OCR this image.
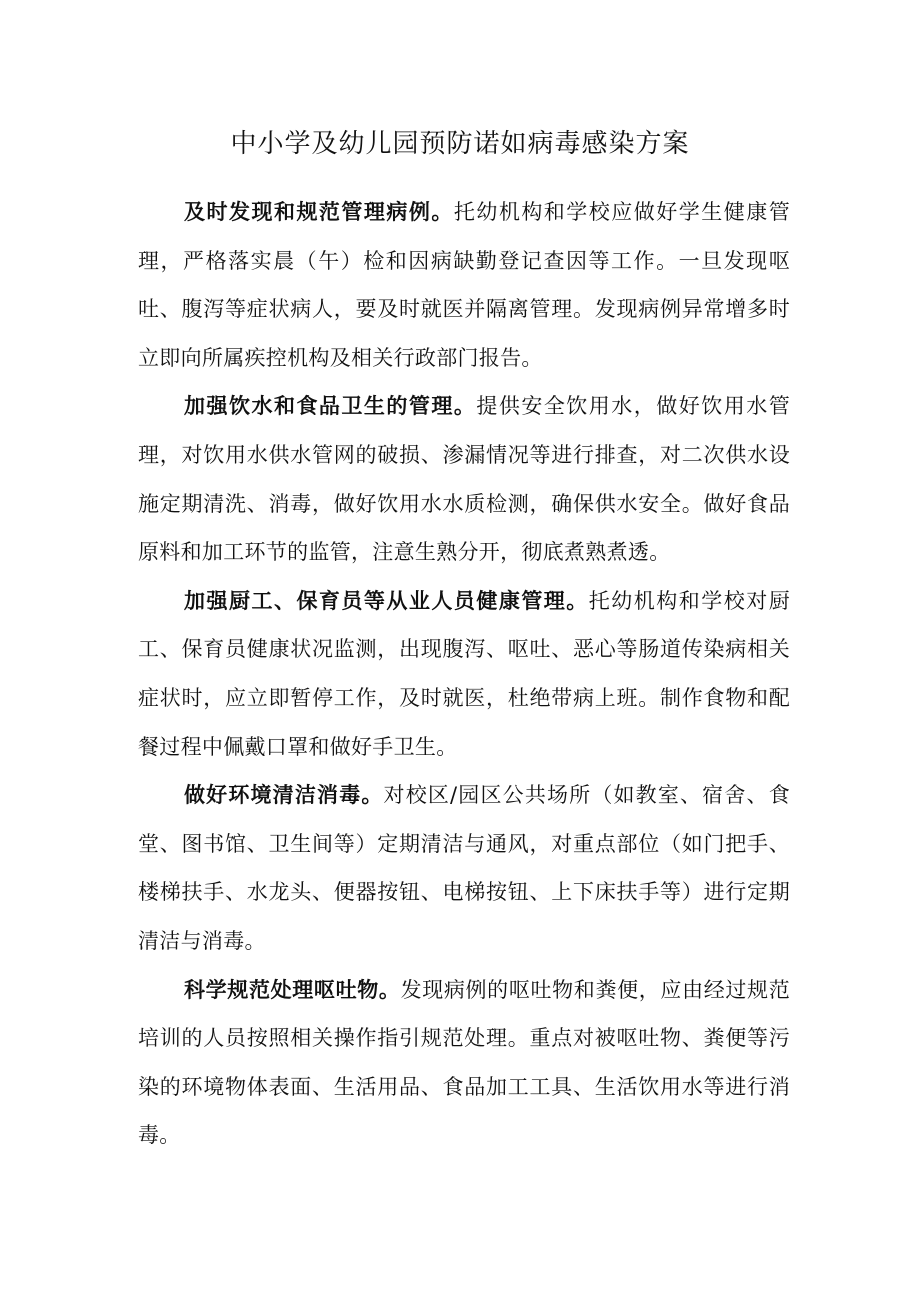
中小学及幼儿园预防诺如病毒感染方案

及时发现和规范管理病例。托幼机构和学校应做好学生健康管理，严格落实晨（午）检和因病缺勤登记查因等工作。一旦发现呕吐、腹泻等症状病人，要及时就医并隔离管理。发现病例异常增多时立即向所属疾控机构及相关行政部门报告。

加强饮水和食品卫生的管理。提供安全饮用水，做好饮用水管理，对饮用水供水管网的破损、渗漏情况等进行排查，对二次供水设施定期清洗、消毒，做好饮用水水质检测，确保供水安全。做好食品原料和加工环节的监管，注意生熟分开，彻底煮熟煮透。

加强厨工、保育员等从业人员健康管理。托幼机构和学校对厨工、保育员健康状况监测，出现腹泻、呕吐、恶心等肠道传染病相关症状时，应立即暂停工作，及时就医，杜绝带病上班。制作食物和配餐过程中佩戴口罩和做好手卫生。

做好环境清洁消毒。对校区/园区公共场所（如教室、宿舍、食堂、图书馆、卫生间等）定期清洁与通风，对重点部位（如门把手、楼梯扶手、水龙头、便器按钮、电梯按钮、上下床扶手等）进行定期清洁与消毒。

科学规范处理呕吐物。发现病例的呕吐物和粪便，应由经过规范培训的人员按照相关操作指引规范处理。重点对被呕吐物、粪便等污染的环境物体表面、生活用品、食品加工工具、生活饮用水等进行消毒。
